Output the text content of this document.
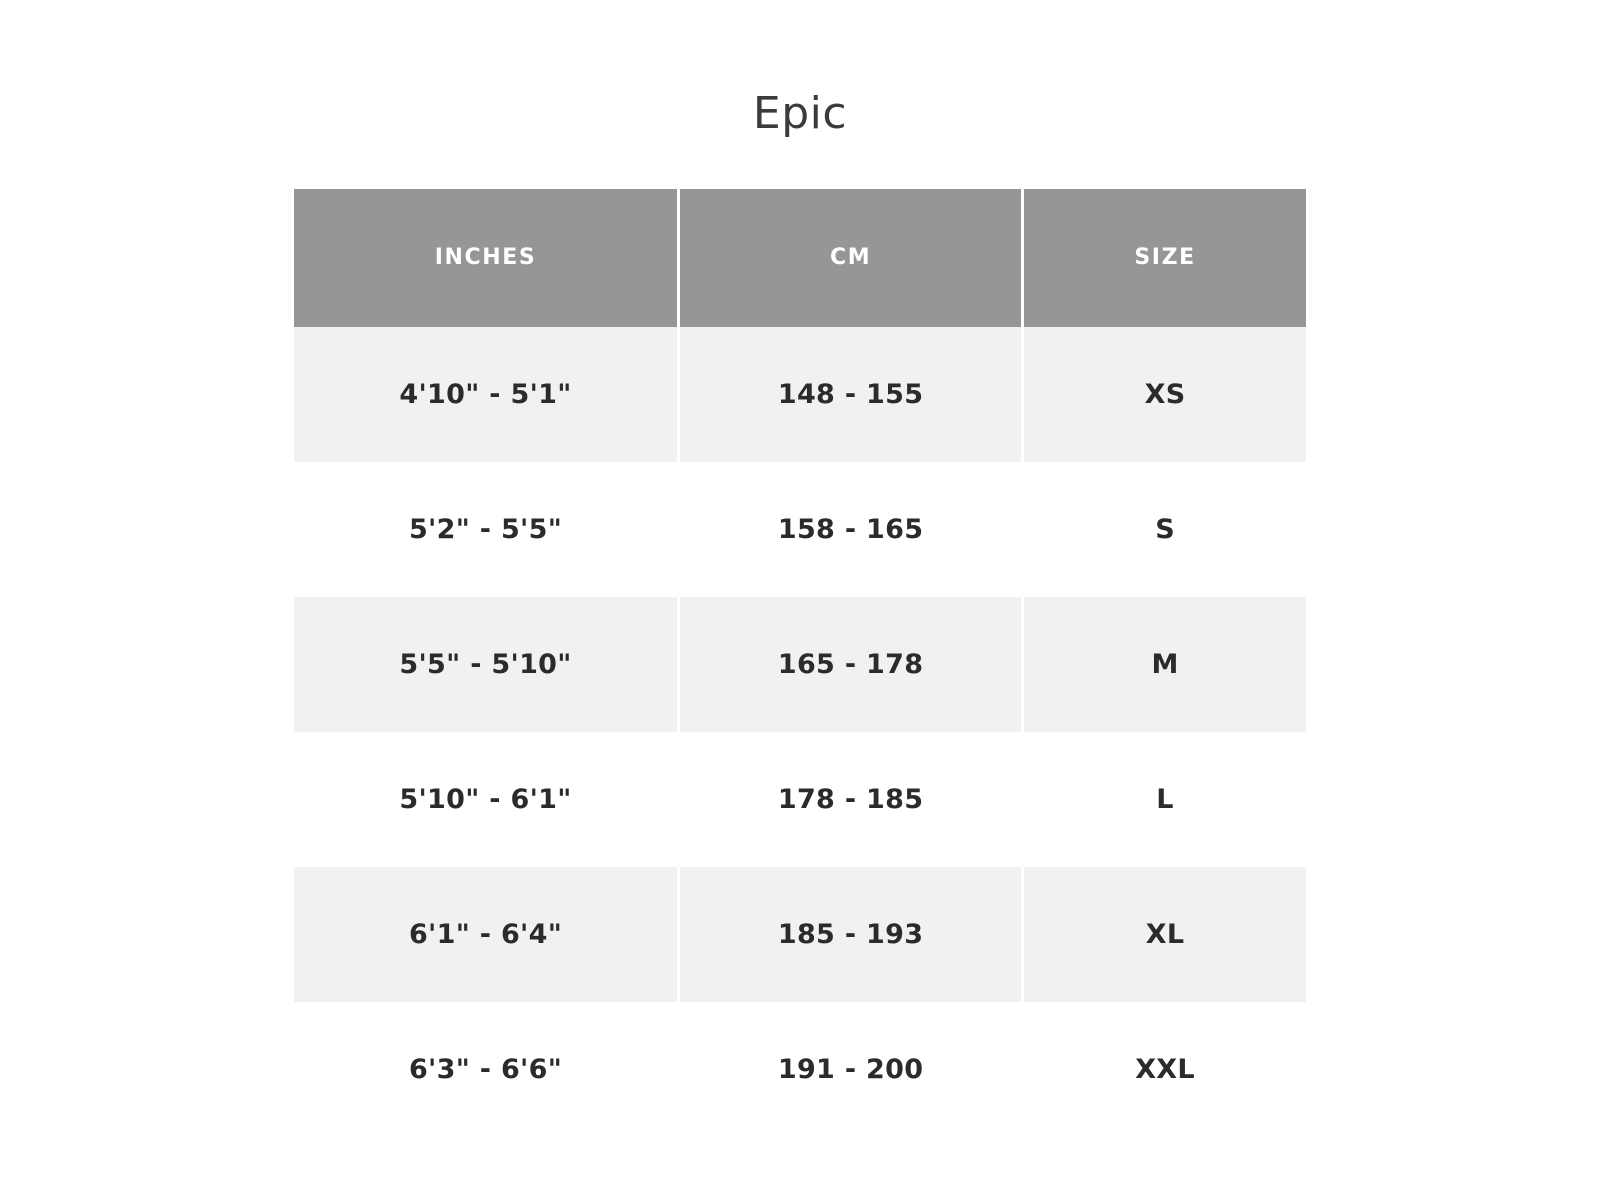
Epic
INCHES	CM	SIZE
4'10" - 5'1"	148 - 155	XS
5'2" - 5'5"	158 - 165	S
5'5" - 5'10"	165 - 178	M
5'10" - 6'1"	178 - 185	L
6'1" - 6'4"	185 - 193	XL
6'3" - 6'6"	191 - 200	XXL
